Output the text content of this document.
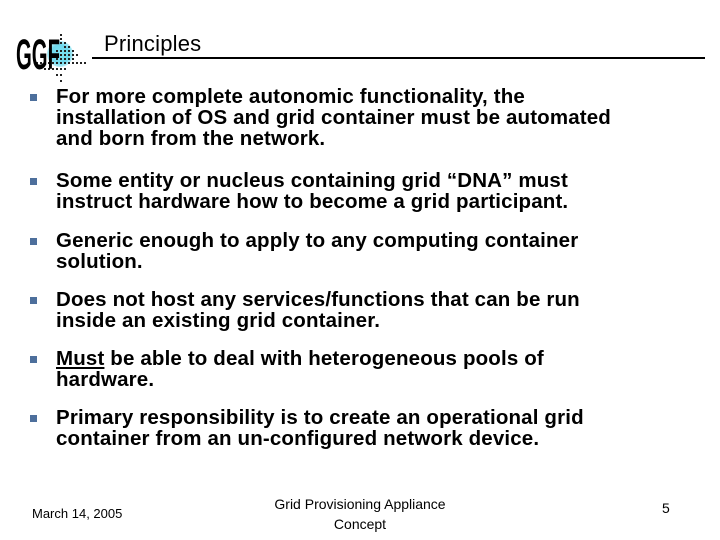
GGF Principles
For more complete autonomic functionality, the
installation of OS and grid container must be automated
and born from the network.
Some entity or nucleus containing grid “DNA” must
instruct hardware how to become a grid participant.
Generic enough to apply to any computing container
solution.
Does not host any services/functions that can be run
inside an existing grid container.
Must be able to deal with heterogeneous pools of
hardware.
Primary responsibility is to create an operational grid
container from an un-configured network device.
March 14, 2005
Grid Provisioning Appliance
Concept
5
